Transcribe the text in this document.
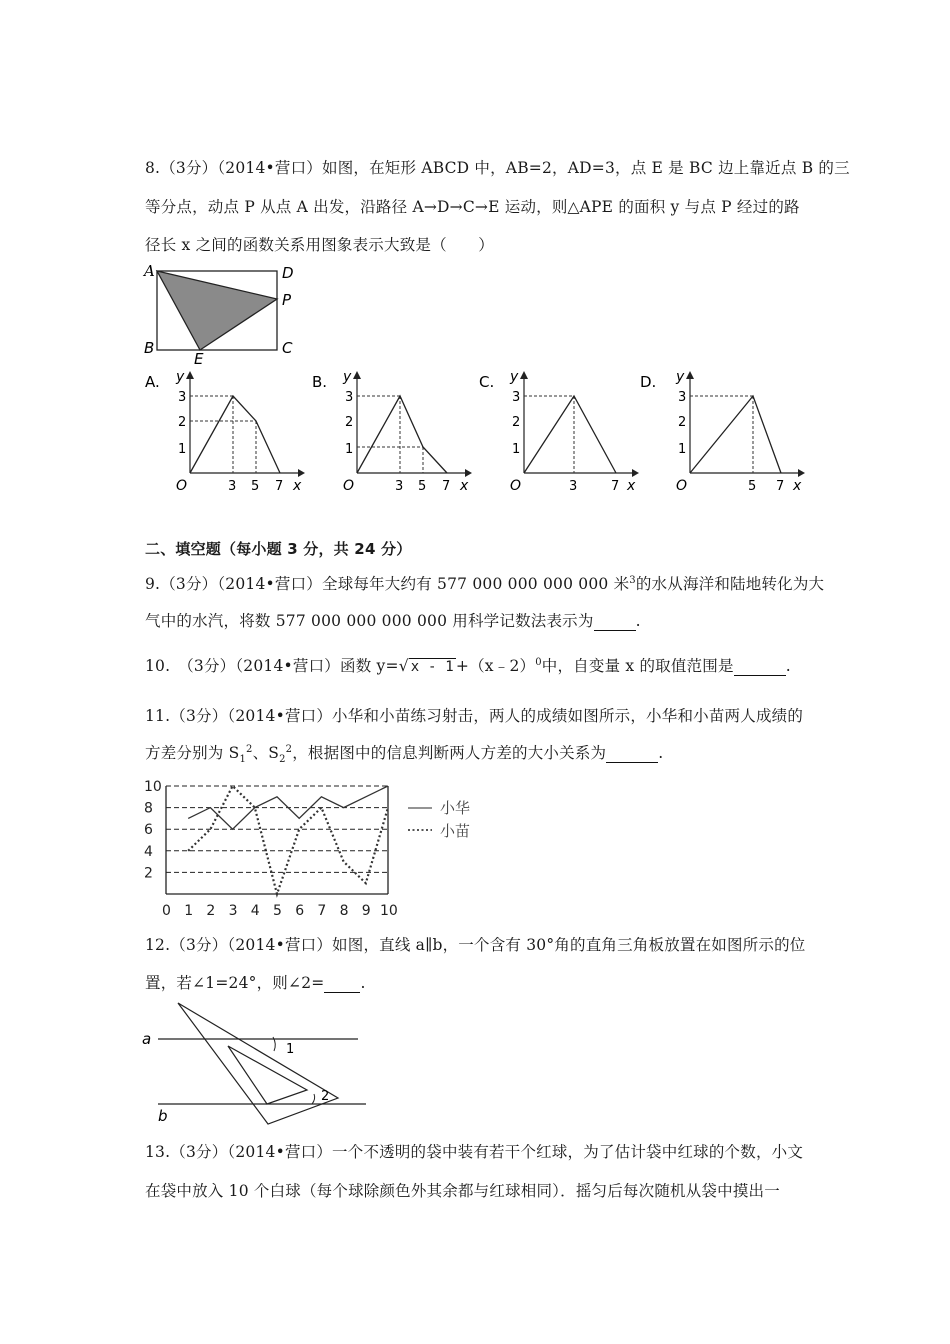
8.（3分）（2014•营口）如图，在矩形 ABCD 中，AB=2，AD=3，点 E 是 BC 边上靠近点 B 的三
等分点，动点 P 从点 A 出发，沿路径 A→D→C→E 运动，则△APE 的面积 y 与点 P 经过的路
径长 x 之间的函数关系用图象表示大致是（　　）
A	D
P
B	C
E
A. y
O
3
2
1
3 5 7 x
B. y
O
3
2
1
3 5 7 x
C. y
O
3
2
1
3	7 x
D. y
O
3
2
1
5 7 x
二、填空题（每小题 3 分，共 24 分）
9.（3分）（2014•营口）全球每年大约有 577 000 000 000 000 米$^3$的水从海洋和陆地转化为大
气中的水汽，将数 577 000 000 000 000 用科学记数法表示为	.
10.　（3分）（2014•营口）函数 y=√ x - 1 +（x﹣2）$^0$中，自变量 x 的取值范围是	.
11.（3分）（2014•营口）小华和小苗练习射击，两人的成绩如图所示，小华和小苗两人成绩的
方差分别为 $S_1^2$、$S_2^2$，根据图中的信息判断两人方差的大小关系为	.
2
4
6
8
10
0 1 2 3 4 5 6 7 8 9 10
小华
小苗
12.（3分）（2014•营口）如图，直线 a∥b，一个含有 30°角的直角三角板放置在如图所示的位
置，若∠1=24°，则∠2= .
a
b
1
2
13.（3分）（2014•营口）一个不透明的袋中装有若干个红球，为了估计袋中红球的个数，小文
在袋中放入 10 个白球（每个球除颜色外其余都与红球相同）．摇匀后每次随机从袋中摸出一
